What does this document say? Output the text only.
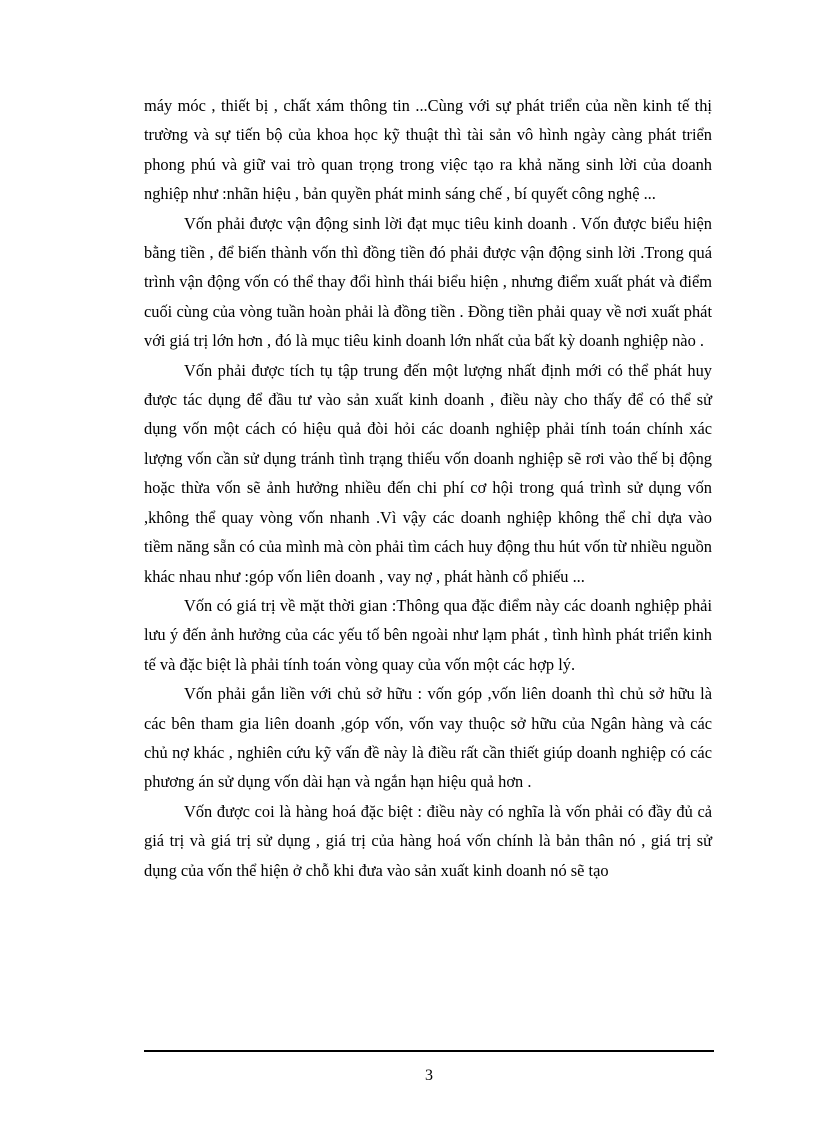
máy móc , thiết bị , chất xám thông tin ...Cùng với sự phát triển của nền kinh tế thị trường và sự tiến bộ của khoa học kỹ thuật thì tài sản vô hình ngày càng phát triển phong phú và giữ vai trò quan trọng trong việc tạo ra khả năng sinh lời của doanh nghiệp như :nhãn hiệu , bản quyền phát minh sáng chế , bí quyết công nghệ ...

Vốn phải được vận động sinh lời đạt mục tiêu kinh doanh . Vốn được biểu hiện bằng tiền , để biến thành vốn thì đồng tiền đó phải được vận động sinh lời .Trong quá trình vận động vốn có thể thay đổi hình thái biểu hiện , nhưng điểm xuất phát và điểm cuối cùng của vòng tuần hoàn phải là đồng tiền . Đồng tiền phải quay về nơi xuất phát với giá trị lớn hơn , đó là mục tiêu kinh doanh lớn nhất của bất kỳ doanh nghiệp nào .

Vốn phải được tích tụ tập trung đến một lượng nhất định mới có thể phát huy được tác dụng để đầu tư vào sản xuất kinh doanh , điều này cho thấy để có thể sử dụng vốn một cách có hiệu quả đòi hỏi các doanh nghiệp phải tính toán chính xác lượng vốn cần sử dụng tránh tình trạng thiếu vốn doanh nghiệp sẽ rơi vào thế bị động hoặc thừa vốn sẽ ảnh hưởng nhiều đến chi phí cơ hội trong quá trình sử dụng vốn ,không thể quay vòng vốn nhanh .Vì vậy các doanh nghiệp không thể chỉ dựa vào tiềm năng sẵn có của mình mà còn phải tìm cách huy động thu hút vốn từ nhiều nguồn khác nhau như :góp vốn liên doanh , vay nợ , phát hành cổ phiếu ...

Vốn có giá trị về mặt thời gian :Thông qua đặc điểm này các doanh nghiệp phải lưu ý đến ảnh hưởng của các yếu tố bên ngoài như lạm phát , tình hình phát triển kinh tế và đặc biệt là phải tính toán vòng quay của vốn một các hợp lý.

Vốn phải gắn liền với chủ sở hữu : vốn góp ,vốn liên doanh thì chủ sở hữu là các bên tham gia liên doanh ,góp vốn, vốn vay thuộc sở hữu của Ngân hàng và các chủ nợ khác , nghiên cứu kỹ vấn đề này là điều rất cần thiết giúp doanh nghiệp có các phương án sử dụng vốn dài hạn và ngắn hạn hiệu quả hơn .

Vốn được coi là hàng hoá đặc biệt : điều này có nghĩa là vốn phải có đầy đủ cả giá trị và giá trị sử dụng , giá trị của hàng hoá vốn chính là bản thân nó , giá trị sử dụng của vốn thể hiện ở chỗ khi đưa vào sản xuất kinh doanh nó sẽ tạo

3
